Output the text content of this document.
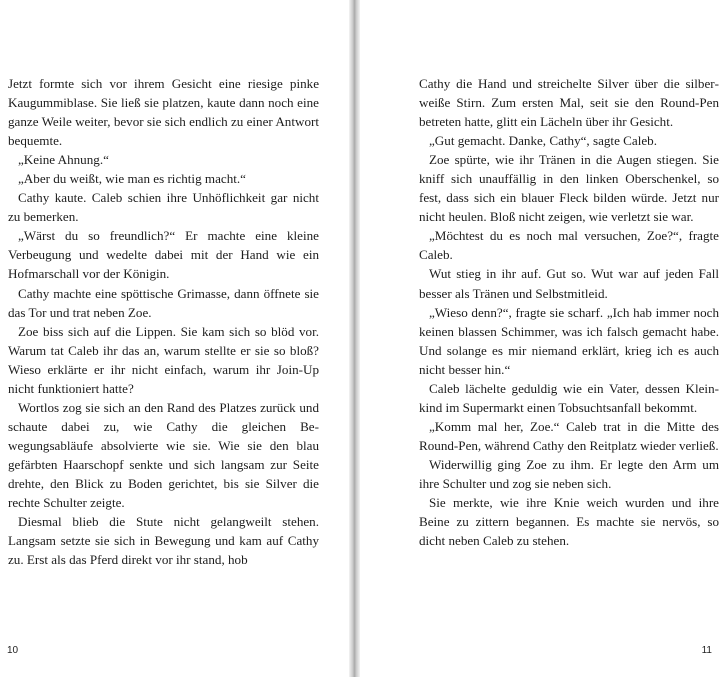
Jetzt formte sich vor ihrem Gesicht eine riesige pinke Kaugummiblase. Sie ließ sie platzen, kaute dann noch eine ganze Weile weiter, bevor sie sich endlich zu einer Antwort bequemte.

„Keine Ahnung.“

„Aber du weißt, wie man es richtig macht.“

Cathy kaute. Caleb schien ihre Unhöflichkeit gar nicht zu bemerken.

„Wärst du so freundlich?“ Er machte eine kleine Verbeugung und wedelte dabei mit der Hand wie ein Hofmarschall vor der Königin.

Cathy machte eine spöttische Grimasse, dann öffnete sie das Tor und trat neben Zoe.

Zoe biss sich auf die Lippen. Sie kam sich so blöd vor. Warum tat Caleb ihr das an, warum stellte er sie so bloß? Wieso erklärte er ihr nicht einfach, warum ihr Join-Up nicht funktioniert hatte?

Wortlos zog sie sich an den Rand des Platzes zurück und schaute dabei zu, wie Cathy die gleichen Bewegungsabläufe absolvierte wie sie. Wie sie den blau gefärbten Haarschopf senkte und sich langsam zur Seite drehte, den Blick zu Boden gerichtet, bis sie Silver die rechte Schulter zeigte.

Diesmal blieb die Stute nicht gelangweilt stehen. Langsam setzte sie sich in Bewegung und kam auf Cathy zu. Erst als das Pferd direkt vor ihr stand, hob

10

Cathy die Hand und streichelte Silver über die silberweiße Stirn. Zum ersten Mal, seit sie den Round-Pen betreten hatte, glitt ein Lächeln über ihr Gesicht.

„Gut gemacht. Danke, Cathy“, sagte Caleb.

Zoe spürte, wie ihr Tränen in die Augen stiegen. Sie kniff sich unauffällig in den linken Oberschenkel, so fest, dass sich ein blauer Fleck bilden würde. Jetzt nur nicht heulen. Bloß nicht zeigen, wie verletzt sie war.

„Möchtest du es noch mal versuchen, Zoe?“, fragte Caleb.

Wut stieg in ihr auf. Gut so. Wut war auf jeden Fall besser als Tränen und Selbstmitleid.

„Wieso denn?“, fragte sie scharf. „Ich hab immer noch keinen blassen Schimmer, was ich falsch gemacht habe. Und solange es mir niemand erklärt, krieg ich es auch nicht besser hin.“

Caleb lächelte geduldig wie ein Vater, dessen Kleinkind im Supermarkt einen Tobsuchtsanfall bekommt.

„Komm mal her, Zoe.“ Caleb trat in die Mitte des Round-Pen, während Cathy den Reitplatz wieder verließ.

Widerwillig ging Zoe zu ihm. Er legte den Arm um ihre Schulter und zog sie neben sich.

Sie merkte, wie ihre Knie weich wurden und ihre Beine zu zittern begannen. Es machte sie nervös, so dicht neben Caleb zu stehen.

11
